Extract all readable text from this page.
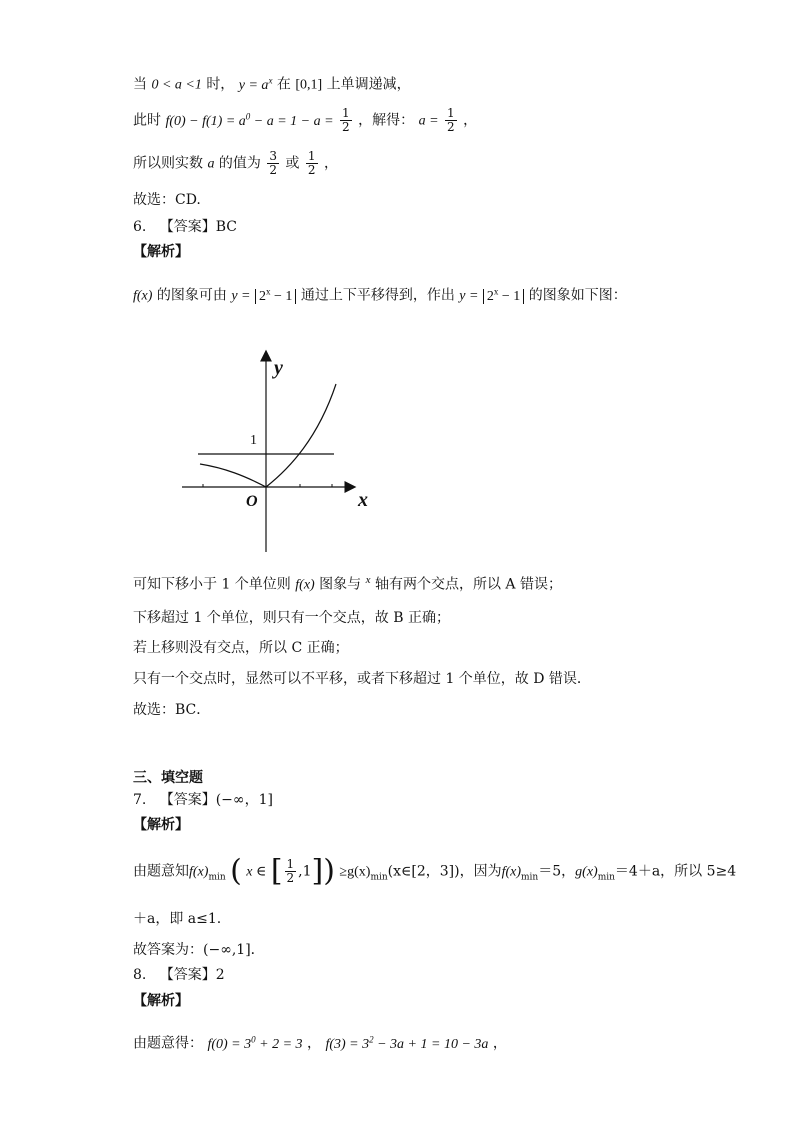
当 0 < a <1 时， $y = a^x$ 在 [0,1] 上单调递减，
此时 $f(0) - f(1) = a^0 - a = 1 - a = \frac{1}{2}$ ，解得： $a = \frac{1}{2}$ ，
所以则实数 a 的值为 $\frac{3}{2}$ 或 $\frac{1}{2}$ ，
故选：CD.
6. 【答案】BC
【解析】
f(x) 的图象可由 $y = 2^x - 1$ 通过上下平移得到，作出 $y = 2^x - 1$ 的图象如下图：
y
x
O
1
可知下移小于 1 个单位则 f(x) 图象与 $^x$ 轴有两个交点，所以 A 错误；
下移超过 1 个单位，则只有一个交点，故 B 正确；
若上移则没有交点，所以 C 正确；
只有一个交点时，显然可以不平移，或者下移超过 1 个单位，故 D 错误．
故选：BC．
三、填空题
7. 【答案】(−∞，1]
【解析】
由题意知$f(x)_{min}$ ( x ∈ [ $\frac{1}{2} ,1$]) $\ge g(x)_{min}(x\in[2$，3])，因为$f(x)_{min}=5$，$g(x)_{min}=4+a$，所以 5≥4
＋a，即 a≤1.
故答案为：(−∞,1]．
8. 【答案】2
【解析】
由题意得： $f(0) = 3^0 + 2 = 3$ ， $f(3) = 3^2 - 3a + 1 = 10 - 3a$ ，
